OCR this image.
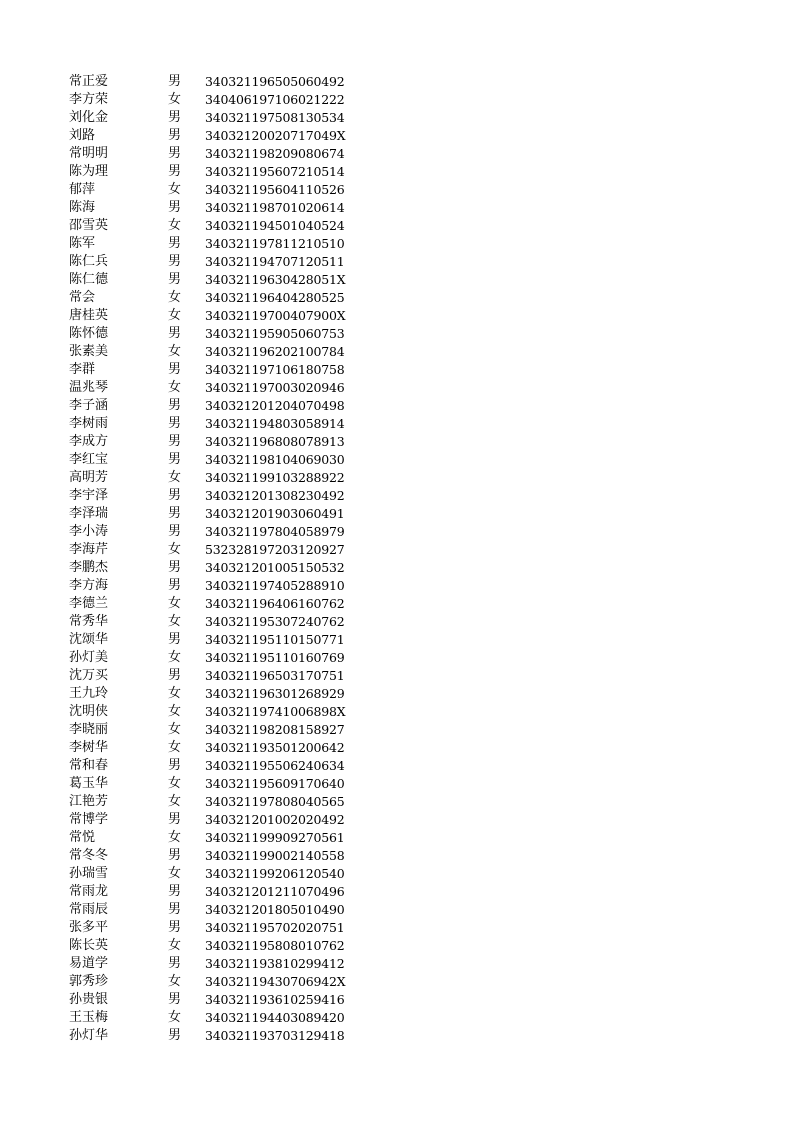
常正爱	男 340321196505060492
李方荣	女 340406197106021222
刘化金	男 340321197508130534
刘路	男 34032120020717049X
常明明	男 340321198209080674
陈为理	男 340321195607210514
郁萍	女 340321195604110526
陈海	男 340321198701020614
邵雪英	女 340321194501040524
陈军	男 340321197811210510
陈仁兵	男 340321194707120511
陈仁德	男 34032119630428051X
常会	女 340321196404280525
唐桂英	女 34032119700407900X
陈怀德	男 340321195905060753
张素美	女 340321196202100784
李群	男 340321197106180758
温兆琴	女 340321197003020946
李子涵	男 340321201204070498
李树雨	男 340321194803058914
李成方	男 340321196808078913
李红宝	男 340321198104069030
高明芳	女 340321199103288922
李宇泽	男 340321201308230492
李泽瑞	男 340321201903060491
李小涛	男 340321197804058979
李海芹	女 532328197203120927
李鹏杰	男 340321201005150532
李方海	男 340321197405288910
李德兰	女 340321196406160762
常秀华	女 340321195307240762
沈颂华	男 340321195110150771
孙灯美	女 340321195110160769
沈万买	男 340321196503170751
王九玲	女 340321196301268929
沈明侠	女 34032119741006898X
李晓丽	女 340321198208158927
李树华	女 340321193501200642
常和春	男 340321195506240634
葛玉华	女 340321195609170640
江艳芳	女 340321197808040565
常博学	男 340321201002020492
常悦	女 340321199909270561
常冬冬	男 340321199002140558
孙瑞雪	女 340321199206120540
常雨龙	男 340321201211070496
常雨辰	男 340321201805010490
张多平	男 340321195702020751
陈长英	女 340321195808010762
易道学	男 340321193810299412
郭秀珍	女 34032119430706942X
孙贵银	男 340321193610259416
王玉梅	女 340321194403089420
孙灯华	男 340321193703129418
